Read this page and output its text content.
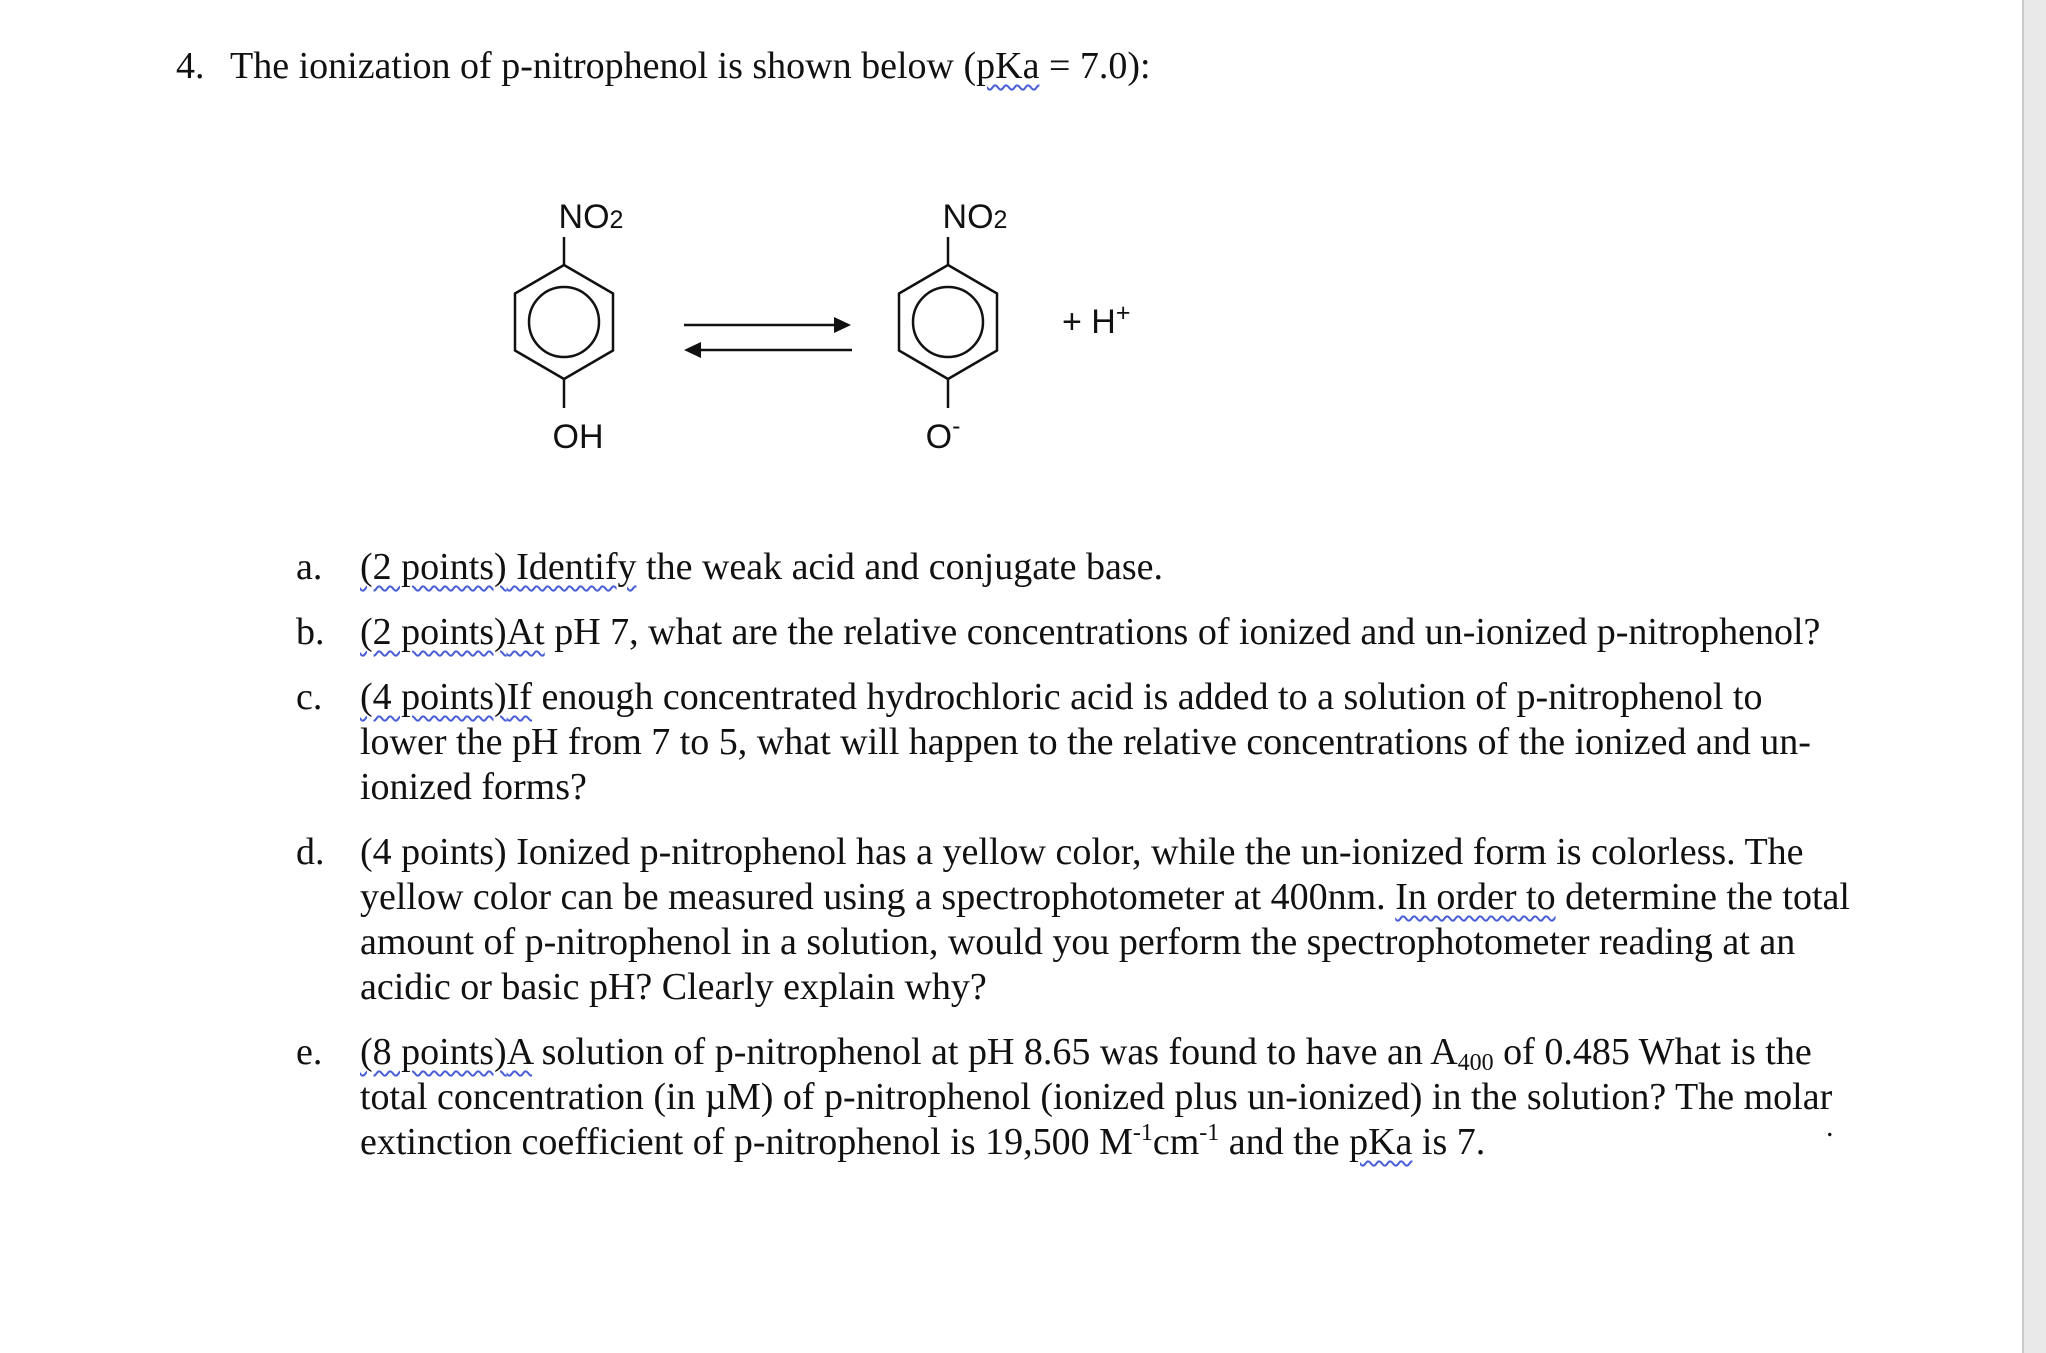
4. The ionization of p-nitrophenol is shown below (pKa = 7.0):
NO2
OH
NO2
O-
+ H+
a. (2 points) Identify the weak acid and conjugate base.
b. (2 points)At pH 7, what are the relative concentrations of ionized and un-ionized p-nitrophenol?
c. (4 points)If enough concentrated hydrochloric acid is added to a solution of p-nitrophenol to lower the pH from 7 to 5, what will happen to the relative concentrations of the ionized and un-ionized forms?
d. (4 points) Ionized p-nitrophenol has a yellow color, while the un-ionized form is colorless. The yellow color can be measured using a spectrophotometer at 400nm. In order to determine the total amount of p-nitrophenol in a solution, would you perform the spectrophotometer reading at an acidic or basic pH? Clearly explain why?
e. (8 points)A solution of p-nitrophenol at pH 8.65 was found to have an $A_{400}$ of 0.485 What is the total concentration (in µM) of p-nitrophenol (ionized plus un-ionized) in the solution? The molar extinction coefficient of p-nitrophenol is 19,500 $M^{-1}cm^{-1}$ and the pKa is 7.	.
